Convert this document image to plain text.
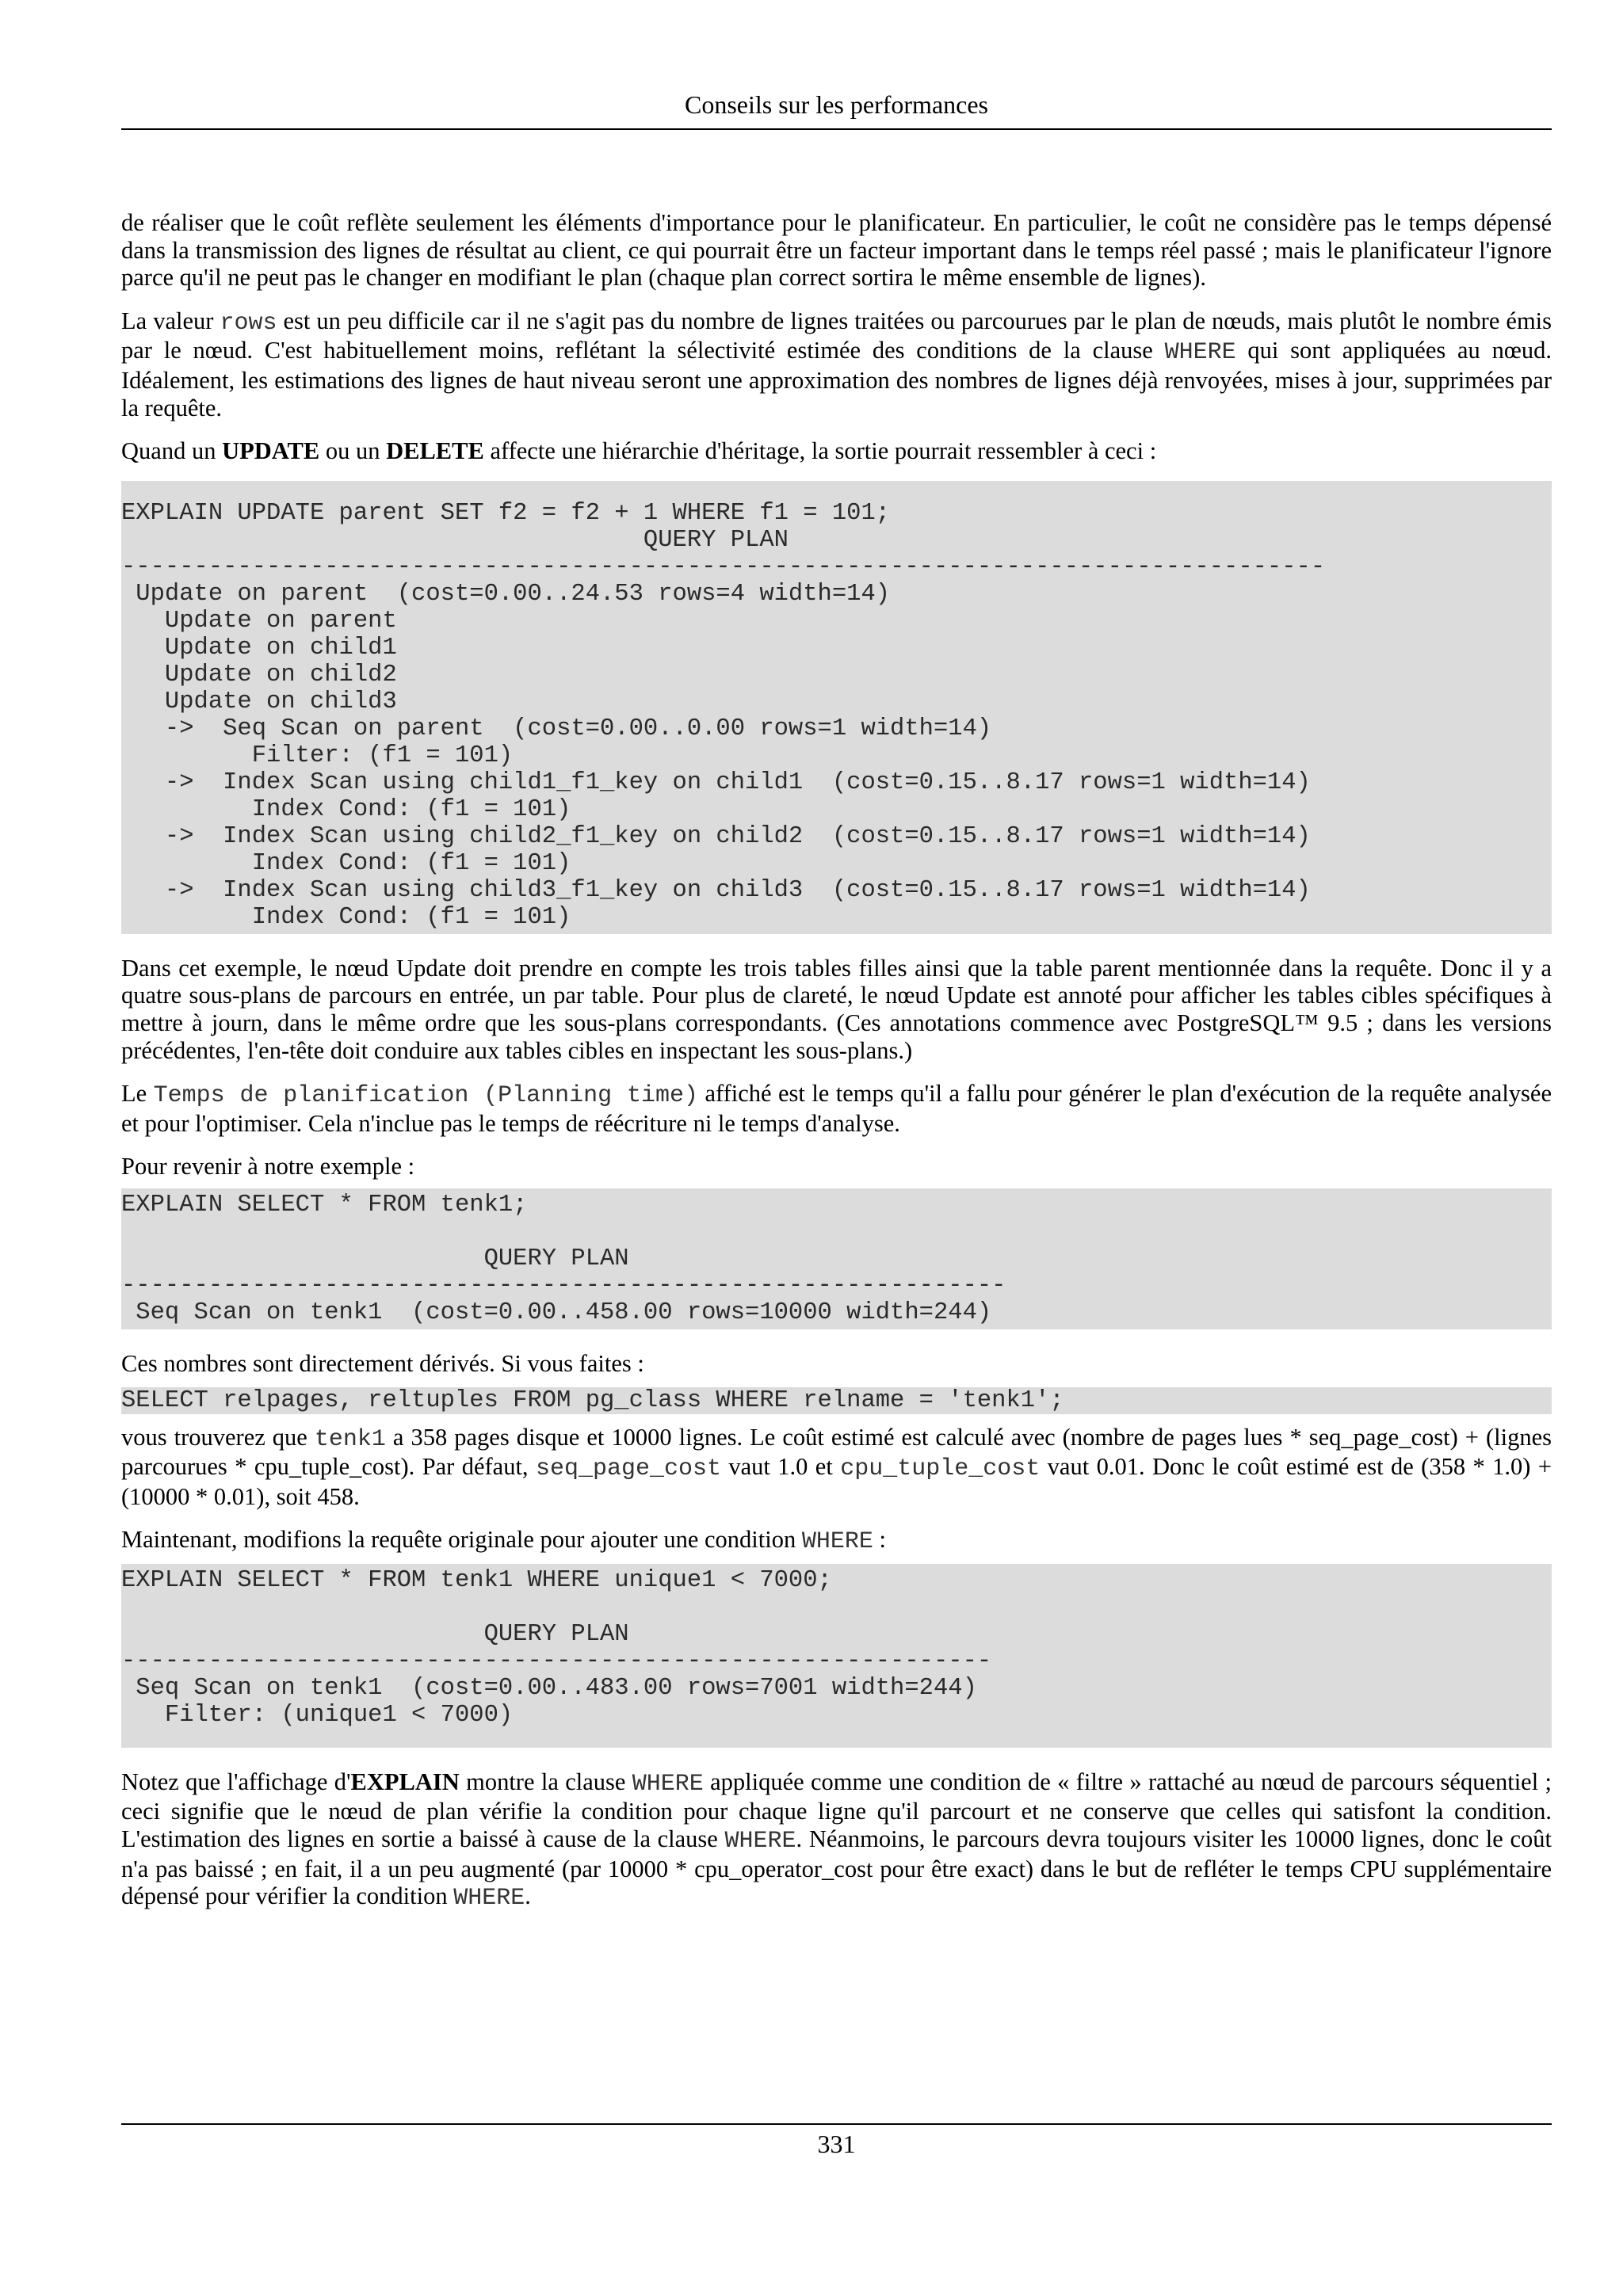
Conseils sur les performances

de réaliser que le coût reflète seulement les éléments d'importance pour le planificateur. En particulier, le coût ne considère pas le temps dépensé dans la transmission des lignes de résultat au client, ce qui pourrait être un facteur important dans le temps réel passé ; mais le planificateur l'ignore parce qu'il ne peut pas le changer en modifiant le plan (chaque plan correct sortira le même ensemble de lignes).

La valeur rows est un peu difficile car il ne s'agit pas du nombre de lignes traitées ou parcourues par le plan de nœuds, mais plutôt le nombre émis par le nœud. C'est habituellement moins, reflétant la sélectivité estimée des conditions de la clause WHERE qui sont appliquées au nœud. Idéalement, les estimations des lignes de haut niveau seront une approximation des nombres de lignes déjà renvoyées, mises à jour, supprimées par la requête.

Quand un UPDATE ou un DELETE affecte une hiérarchie d'héritage, la sortie pourrait ressembler à ceci :

EXPLAIN UPDATE parent SET f2 = f2 + 1 WHERE f1 = 101;
QUERY PLAN
-----------------------------------------------------------------------------------
Update on parent  (cost=0.00..24.53 rows=4 width=14)
Update on parent
Update on child1
Update on child2
Update on child3
->  Seq Scan on parent  (cost=0.00..0.00 rows=1 width=14)
Filter: (f1 = 101)
->  Index Scan using child1_f1_key on child1  (cost=0.15..8.17 rows=1 width=14)
Index Cond: (f1 = 101)
->  Index Scan using child2_f1_key on child2  (cost=0.15..8.17 rows=1 width=14)
Index Cond: (f1 = 101)
->  Index Scan using child3_f1_key on child3  (cost=0.15..8.17 rows=1 width=14)
Index Cond: (f1 = 101)

Dans cet exemple, le nœud Update doit prendre en compte les trois tables filles ainsi que la table parent mentionnée dans la requête. Donc il y a quatre sous-plans de parcours en entrée, un par table. Pour plus de clareté, le nœud Update est annoté pour afficher les tables cibles spécifiques à mettre à journ, dans le même ordre que les sous-plans correspondants. (Ces annotations commence avec PostgreSQL™ 9.5 ; dans les versions précédentes, l'en-tête doit conduire aux tables cibles en inspectant les sous-plans.)

Le Temps de planification (Planning time) affiché est le temps qu'il a fallu pour générer le plan d'exécution de la requête analysée et pour l'optimiser. Cela n'inclue pas le temps de réécriture ni le temps d'analyse.

Pour revenir à notre exemple :

EXPLAIN SELECT * FROM tenk1;
QUERY PLAN
-------------------------------------------------------------
Seq Scan on tenk1  (cost=0.00..458.00 rows=10000 width=244)

Ces nombres sont directement dérivés. Si vous faites :

SELECT relpages, reltuples FROM pg_class WHERE relname = 'tenk1';

vous trouverez que tenk1 a 358 pages disque et 10000 lignes. Le coût estimé est calculé avec (nombre de pages lues * seq_page_cost) + (lignes parcourues * cpu_tuple_cost). Par défaut, seq_page_cost vaut 1.0 et cpu_tuple_cost vaut 0.01. Donc le coût estimé est de (358 * 1.0) + (10000 * 0.01), soit 458.

Maintenant, modifions la requête originale pour ajouter une condition WHERE :

EXPLAIN SELECT * FROM tenk1 WHERE unique1 < 7000;
QUERY PLAN
------------------------------------------------------------
Seq Scan on tenk1  (cost=0.00..483.00 rows=7001 width=244)
Filter: (unique1 < 7000)

Notez que l'affichage d'EXPLAIN montre la clause WHERE appliquée comme une condition de « filtre » rattaché au nœud de parcours séquentiel ; ceci signifie que le nœud de plan vérifie la condition pour chaque ligne qu'il parcourt et ne conserve que celles qui satisfont la condition. L'estimation des lignes en sortie a baissé à cause de la clause WHERE. Néanmoins, le parcours devra toujours visiter les 10000 lignes, donc le coût n'a pas baissé ; en fait, il a un peu augmenté (par 10000 * cpu_operator_cost pour être exact) dans le but de refléter le temps CPU supplémentaire dépensé pour vérifier la condition WHERE.

331
